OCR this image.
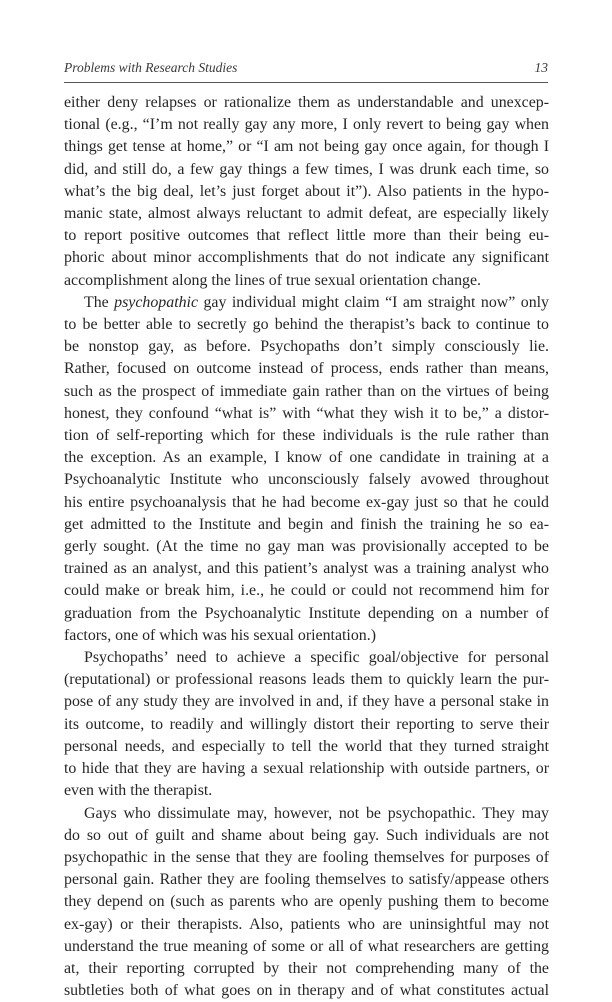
Problems with Research Studies	13

either deny relapses or rationalize them as understandable and unexcep-
tional (e.g., “I’m not really gay any more, I only revert to being gay when
things get tense at home,” or “I am not being gay once again, for though I
did, and still do, a few gay things a few times, I was drunk each time, so
what’s the big deal, let’s just forget about it”). Also patients in the hypo-
manic state, almost always reluctant to admit defeat, are especially likely
to report positive outcomes that reflect little more than their being eu-
phoric about minor accomplishments that do not indicate any significant
accomplishment along the lines of true sexual orientation change.

The psychopathic gay individual might claim “I am straight now” only
to be better able to secretly go behind the therapist’s back to continue to
be nonstop gay, as before. Psychopaths don’t simply consciously lie.
Rather, focused on outcome instead of process, ends rather than means,
such as the prospect of immediate gain rather than on the virtues of being
honest, they confound “what is” with “what they wish it to be,” a distor-
tion of self-reporting which for these individuals is the rule rather than
the exception. As an example, I know of one candidate in training at a
Psychoanalytic Institute who unconsciously falsely avowed throughout
his entire psychoanalysis that he had become ex-gay just so that he could
get admitted to the Institute and begin and finish the training he so ea-
gerly sought. (At the time no gay man was provisionally accepted to be
trained as an analyst, and this patient’s analyst was a training analyst who
could make or break him, i.e., he could or could not recommend him for
graduation from the Psychoanalytic Institute depending on a number of
factors, one of which was his sexual orientation.)

Psychopaths’ need to achieve a specific goal/objective for personal
(reputational) or professional reasons leads them to quickly learn the pur-
pose of any study they are involved in and, if they have a personal stake in
its outcome, to readily and willingly distort their reporting to serve their
personal needs, and especially to tell the world that they turned straight
to hide that they are having a sexual relationship with outside partners, or
even with the therapist.

Gays who dissimulate may, however, not be psychopathic. They may
do so out of guilt and shame about being gay. Such individuals are not
psychopathic in the sense that they are fooling themselves for purposes of
personal gain. Rather they are fooling themselves to satisfy/appease others
they depend on (such as parents who are openly pushing them to become
ex-gay) or their therapists. Also, patients who are uninsightful may not
understand the true meaning of some or all of what researchers are getting
at, their reporting corrupted by their not comprehending many of the
subtleties both of what goes on in therapy and of what constitutes actual
